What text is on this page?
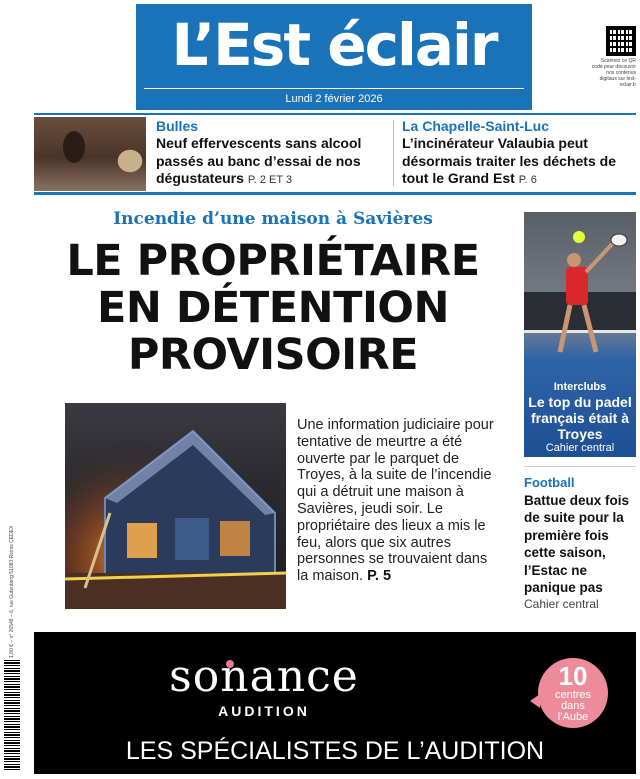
L’Est éclair
Lundi 2 février 2026
Scannez ce QR code pour découvrir nos contenus digitaux sur lest-eclair.fr
Bulles
Neuf effervescents sans alcool passés au banc d’essai de nos dégustateurs P. 2 ET 3
La Chapelle-Saint-Luc
L’incinérateur Valaubia peut désormais traiter les déchets de tout le Grand Est P. 6
Incendie d’une maison à Savières
LE PROPRIÉTAIRE
EN DÉTENTION
PROVISOIRE
Une information judiciaire pour tentative de meurtre a été ouverte par le parquet de Troyes, à la suite de l’incendie qui a détruit une maison à Savières, jeudi soir. Le propriétaire des lieux a mis le feu, alors que six autres personnes se trouvaient dans la maison. P. 5
Interclubs
Le top du padel français était à Troyes
Cahier central
Football
Battue deux fois de suite pour la première fois cette saison, l’Estac ne panique pas
Cahier central
1,80 € – n° 26548 – 6, rue Gutenberg 51083 Reims CEDEX
sonance
AUDITION
10
centres
dans
l’Aube
LES SPÉCIALISTES DE L’AUDITION
